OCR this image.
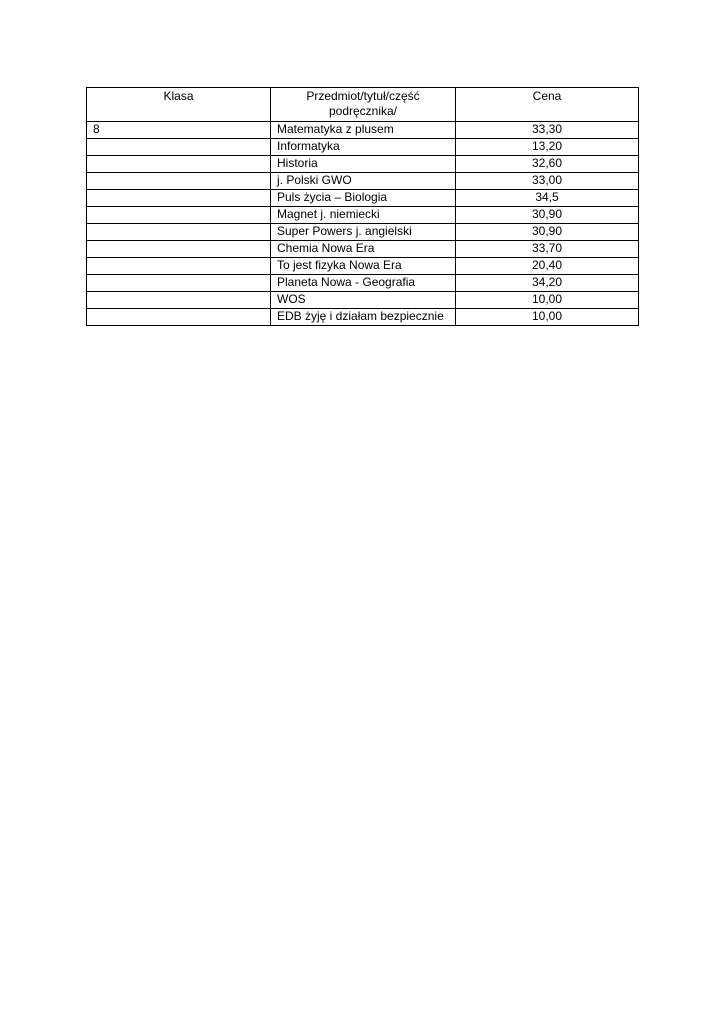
Klasa	Przedmiot/tytuł/część podręcznika/	Cena
8	Matematyka z plusem	33,30
	Informatyka	13,20
	Historia	32,60
	j. Polski GWO	33,00
	Puls życia – Biologia	34,5
	Magnet j. niemiecki	30,90
	Super Powers j. angielski	30,90
	Chemia Nowa Era	33,70
	To jest fizyka Nowa Era	20,40
	Planeta Nowa - Geografia	34,20
	WOS	10,00
	EDB żyję i działam bezpiecznie	10,00
